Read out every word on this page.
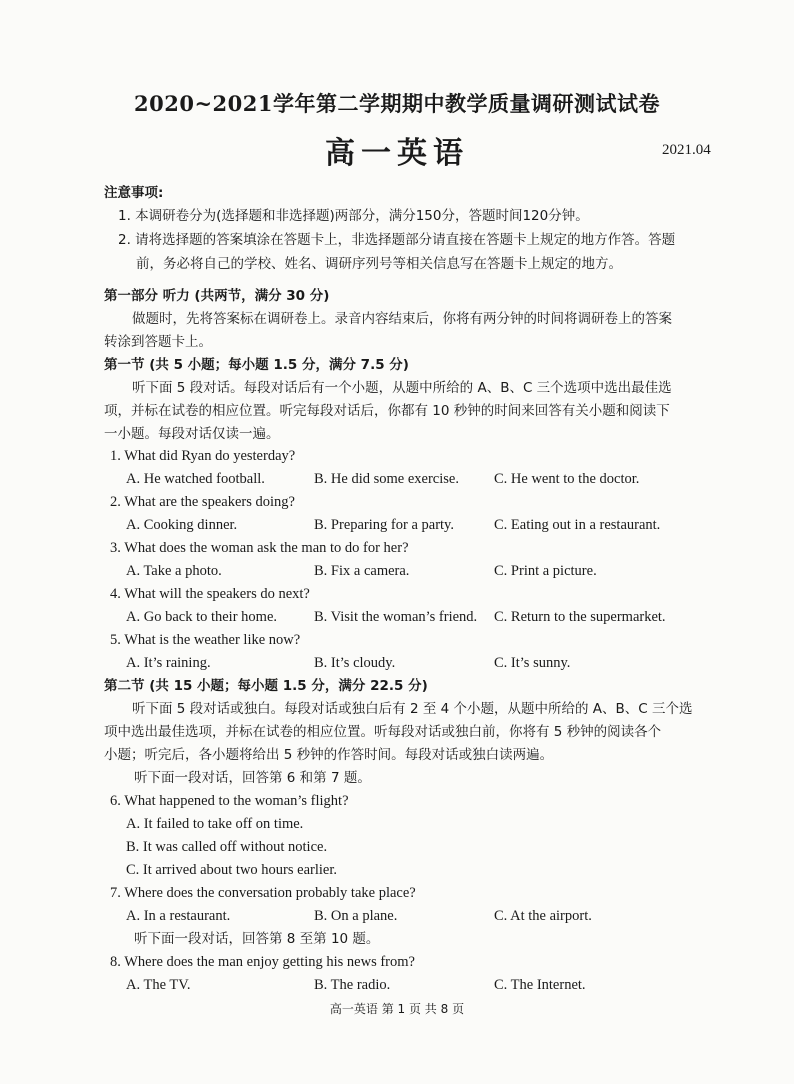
2020~2021学年第二学期期中教学质量调研测试试卷
高一英语	2021.04
注意事项:
1. 本调研卷分为(选择题和非选择题)两部分，满分150分，答题时间120分钟。
2. 请将选择题的答案填涂在答题卡上，非选择题部分请直接在答题卡上规定的地方作答。答题
前，务必将自己的学校、姓名、调研序列号等相关信息写在答题卡上规定的地方。
第一部分 听力 (共两节，满分 30 分)
做题时，先将答案标在调研卷上。录音内容结束后，你将有两分钟的时间将调研卷上的答案
转涂到答题卡上。
第一节 (共 5 小题；每小题 1.5 分，满分 7.5 分)
听下面 5 段对话。每段对话后有一个小题，从题中所给的 A、B、C 三个选项中选出最佳选
项，并标在试卷的相应位置。听完每段对话后，你都有 10 秒钟的时间来回答有关小题和阅读下
一小题。每段对话仅读一遍。
1. What did Ryan do yesterday?
A. He watched football.	B. He did some exercise. C. He went to the doctor.
2. What are the speakers doing?
A. Cooking dinner.	B. Preparing for a party.	C. Eating out in a restaurant.
3. What does the woman ask the man to do for her?
A. Take a photo.	B. Fix a camera.	C. Print a picture.
4. What will the speakers do next?
A. Go back to their home.	B. Visit the woman’s friend. C. Return to the supermarket.
5. What is the weather like now?
A. It’s raining.	B. It’s cloudy.	C. It’s sunny.
第二节 (共 15 小题；每小题 1.5 分，满分 22.5 分)
听下面 5 段对话或独白。每段对话或独白后有 2 至 4 个小题，从题中所给的 A、B、C 三个选
项中选出最佳选项，并标在试卷的相应位置。听每段对话或独白前，你将有 5 秒钟的阅读各个
小题；听完后，各小题将给出 5 秒钟的作答时间。每段对话或独白读两遍。
听下面一段对话，回答第 6 和第 7 题。
6. What happened to the woman’s flight?
A. It failed to take off on time.
B. It was called off without notice.
C. It arrived about two hours earlier.
7. Where does the conversation probably take place?
A. In a restaurant.	B. On a plane.	C. At the airport.
听下面一段对话，回答第 8 至第 10 题。
8. Where does the man enjoy getting his news from?
A. The TV.	B. The radio.	C. The Internet.
高一英语 第 1 页 共 8 页
